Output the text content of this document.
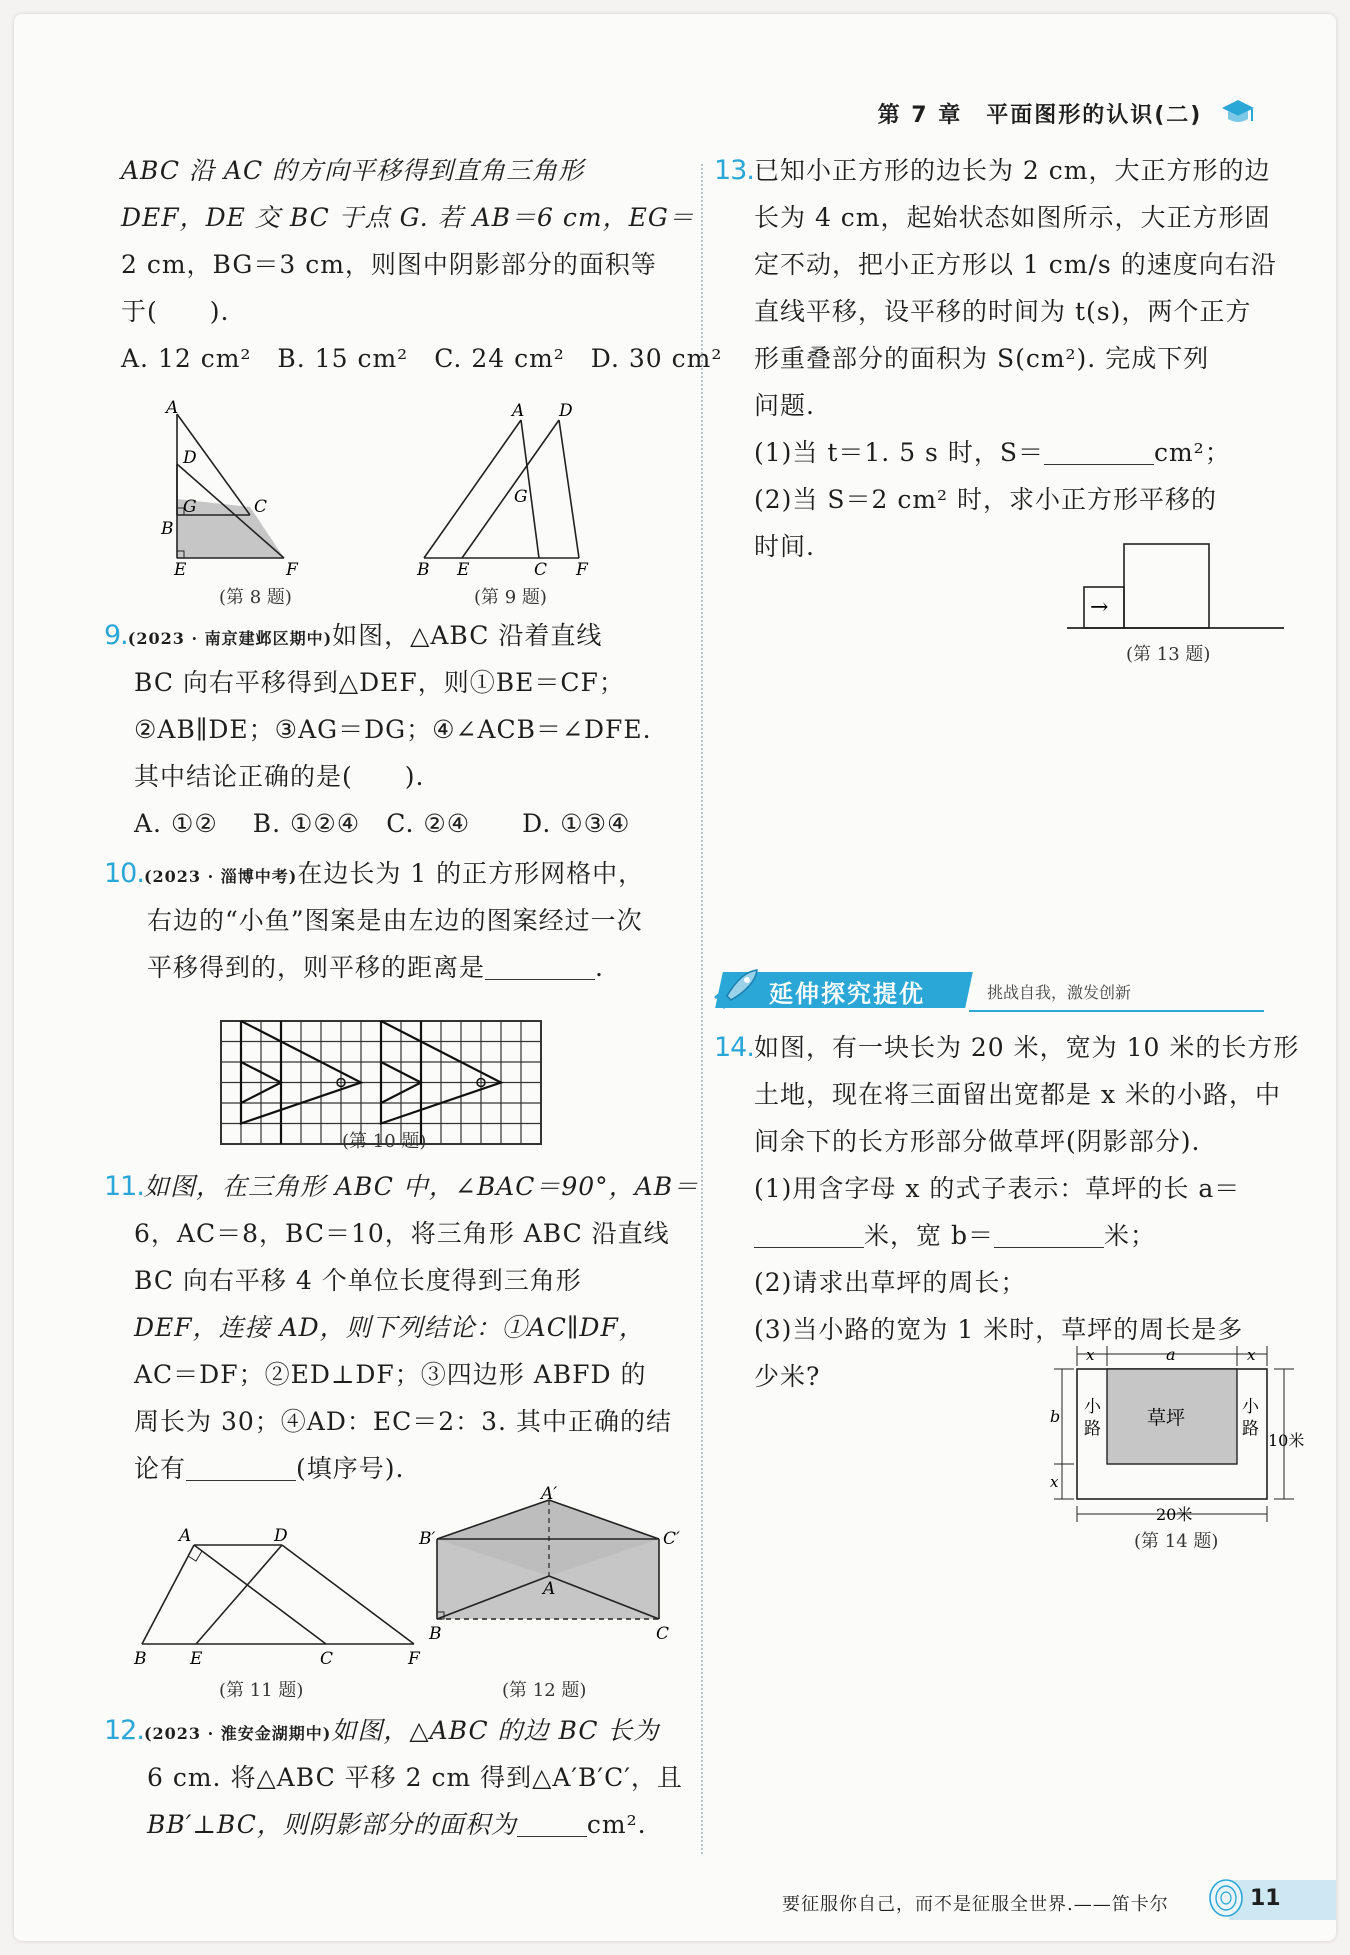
第 7 章　平面图形的认识(二)
ABC 沿 AC 的方向平移得到直角三角形
DEF，DE 交 BC 于点 G. 若 AB＝6 cm，EG＝
2 cm，BG＝3 cm，则图中阴影部分的面积等
于(　　).
A. 12 cm²　B. 15 cm²　C. 24 cm²　D. 30 cm²
A
D
G	C
B
E	F
(第 8 题)
A D
G
B E	C F
(第 9 题)
9.(2023 · 南京建邺区期中)如图，△ABC 沿着直线
BC 向右平移得到△DEF，则①BE＝CF；
②AB∥DE；③AG＝DG；④∠ACB＝∠DFE.
其中结论正确的是(　　).
A. ①②　 B. ①②④　C. ②④　　D. ①③④
10.(2023 · 淄博中考)在边长为 1 的正方形网格中，
右边的“小鱼”图案是由左边的图案经过一次
平移得到的，则平移的距离是	.
(第 10 题)
11.如图，在三角形 ABC 中，∠BAC＝90°，AB＝
6，AC＝8，BC＝10，将三角形 ABC 沿直线
BC 向右平移 4 个单位长度得到三角形
DEF，连接 AD，则下列结论：①AC∥DF，
AC＝DF；②ED⊥DF；③四边形 ABFD 的
周长为 30；④AD：EC＝2：3. 其中正确的结
论有	(填序号).
A	D
B	E	C	F
(第 11 题)
A′
B′	C′
A
B	C
(第 12 题)
12.(2023 · 淮安金湖期中)如图，△ABC 的边 BC 长为
6 cm. 将△ABC 平移 2 cm 得到△A′B′C′，且
BB′⊥BC，则阴影部分的面积为	cm².
13.已知小正方形的边长为 2 cm，大正方形的边
长为 4 cm，起始状态如图所示，大正方形固
定不动，把小正方形以 1 cm/s 的速度向右沿
直线平移，设平移的时间为 t(s)，两个正方
形重叠部分的面积为 S(cm²). 完成下列
问题.
(1)当 t＝1. 5 s 时，S＝	cm²；
(2)当 S＝2 cm² 时，求小正方形平移的
时间.
→
(第 13 题)
延伸探究提优	挑战自我，激发创新
14.如图，有一块长为 20 米，宽为 10 米的长方形
土地，现在将三面留出宽都是 x 米的小路，中
间余下的长方形部分做草坪(阴影部分).
(1)用含字母 x 的式子表示：草坪的长 a＝
米，宽 b＝	米；
(2)请求出草坪的周长；
(3)当小路的宽为 1 米时，草坪的周长是多
少米?
x	a	x
b
x
小
路 草坪	小
路
10米
20米
(第 14 题)
要征服你自己，而不是征服全世界.——笛卡尔	11
